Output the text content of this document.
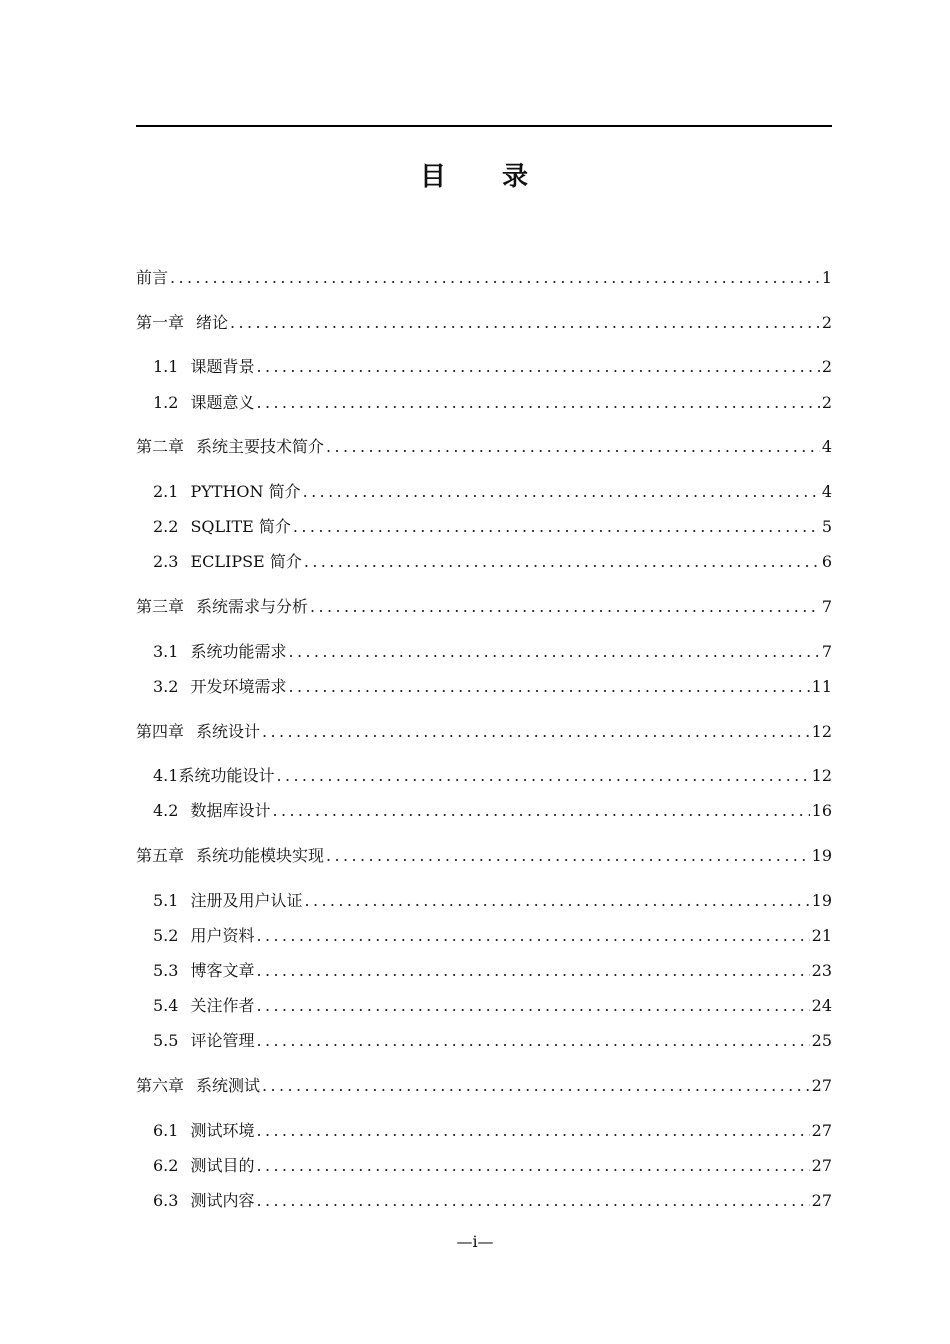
目 录
前言 .....	1
第一章 绪论 .....	2
1.1 课题背景 .....	2
1.2 课题意义 .....	2
第二章 系统主要技术简介 .....	4
2.1 PYTHON 简介 .....	4
2.2 SQLITE 简介 .....	5
2.3 ECLIPSE 简介 .....	6
第三章 系统需求与分析 .....	7
3.1 系统功能需求 .....	7
3.2 开发环境需求 .....	11
第四章 系统设计 .....	12
4.1 系统功能设计 .....	12
4.2 数据库设计 .....	16
第五章 系统功能模块实现 .....	19
5.1 注册及用户认证 .....	19
5.2 用户资料 .....	21
5.3 博客文章 .....	23
5.4 关注作者 .....	24
5.5 评论管理 .....	25
第六章 系统测试 .....	27
6.1 测试环境 .....	27
6.2 测试目的 .....	27
6.3 测试内容 .....	27
—i—
